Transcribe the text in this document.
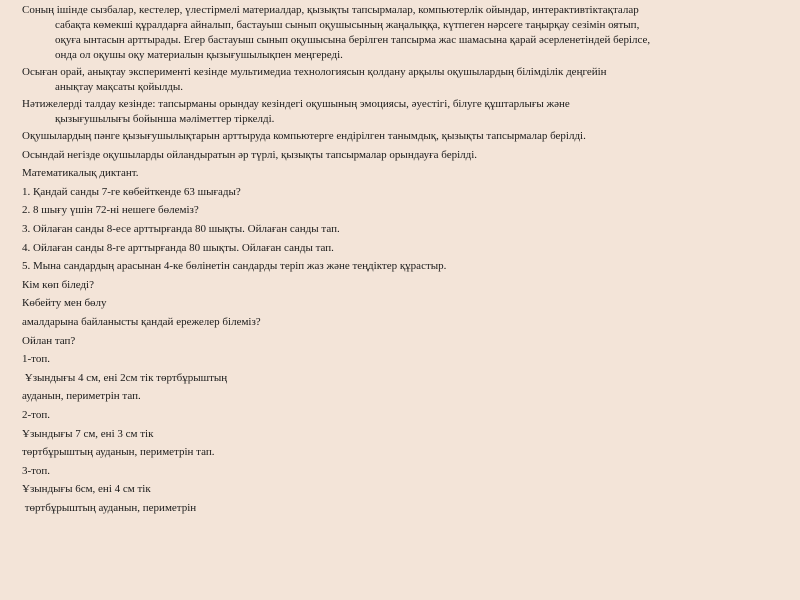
Соның ішінде сызбалар, кестелер, үлестірмелі материалдар, қызықты тапсырмалар, компьютерлік ойындар, интерактивтіктақталар
сабақта көмекші құралдарға айналып, бастауыш сынып оқушысының жаңалыққа, күтпеген нәрсеге таңырқау сезімін оятып,
оқуға ынтасын арттырады. Егер бастауыш сынып оқушысына берілген тапсырма жас шамасына қарай әсерленетіндей берілсе,
онда ол оқушы оқу материалын қызығушылықпен меңгереді.

Осыған орай, анықтау эксперименті кезінде мультимедиа технологиясын қолдану арқылы оқушылардың білімділік деңгейін
анықтау мақсаты қойылды.

Нәтижелерді талдау кезінде: тапсырманы орындау кезіндегі оқушының эмоциясы, әуестігі, білуге құштарлығы және
қызығушылығы бойынша мәліметтер тіркелді.

Оқушылардың пәнге қызығушылықтарын арттыруда компьютерге ендірілген танымдық, қызықты тапсырмалар берілді.

Осындай негізде оқушыларды ойландыратын әр түрлі, қызықты тапсырмалар орындауға берілді.

Математикалық диктант.

1. Қандай санды 7-ге көбейткенде 63 шығады?

2. 8 шығу үшін 72-ні нешеге бөлеміз?

3. Ойлаған санды 8-есе арттырғанда 80 шықты. Ойлаған санды тап.

4. Ойлаған санды 8-ге арттырғанда 80 шықты. Ойлаған санды тап.

5. Мына сандардың арасынан 4-ке бөлінетін сандарды теріп жаз және теңдіктер құрастыр.

Кім көп біледі?

Көбейту мен бөлу

амалдарына байланысты қандай ережелер білеміз?

Ойлан тап?

1-топ.

Ұзындығы 4 см, ені 2см тік төртбұрыштың

ауданын, периметрін тап.

2-топ.

Ұзындығы 7 см, ені 3 см тік

төртбұрыштың ауданын, периметрін тап.

3-топ.

Ұзындығы 6см, ені 4 см тік

төртбұрыштың ауданын, периметрін
